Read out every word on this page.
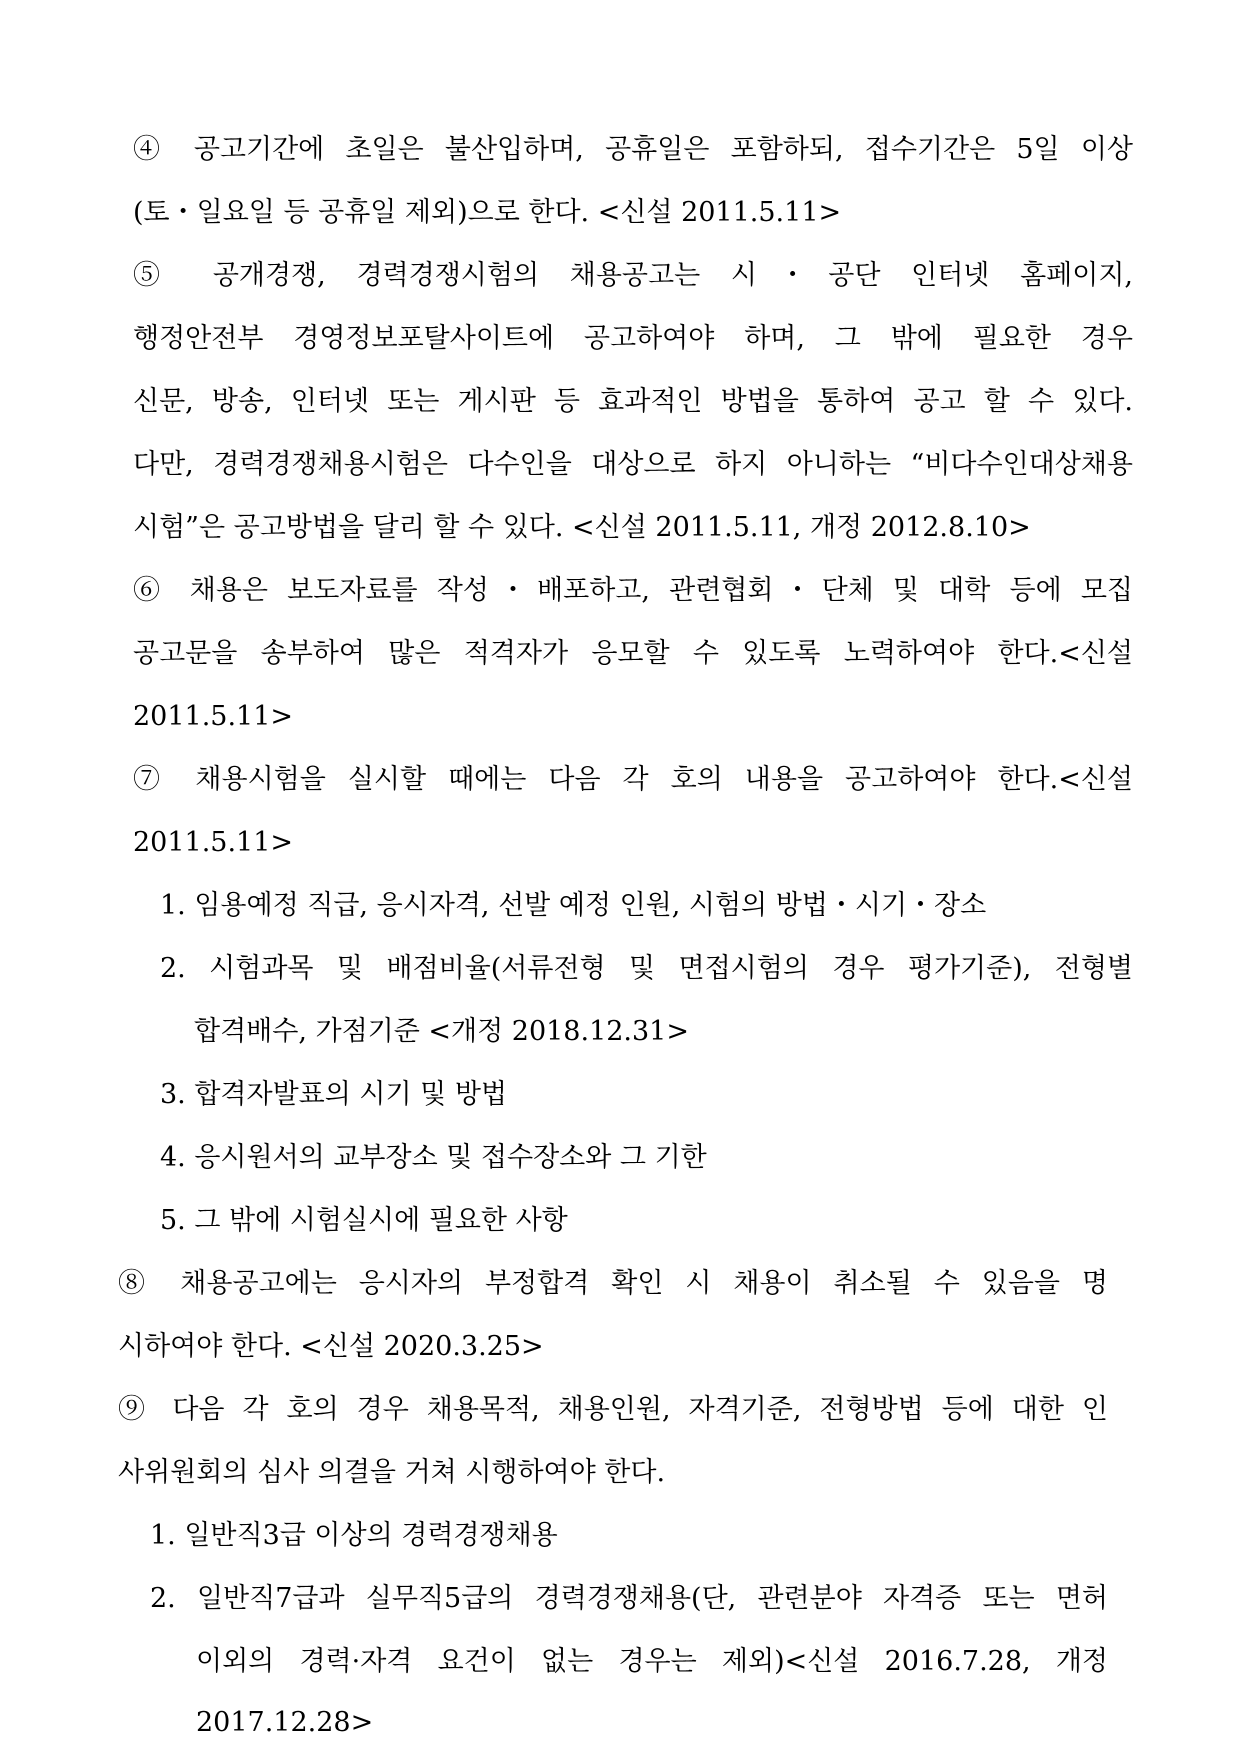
④ 공고기간에 초일은 불산입하며, 공휴일은 포함하되, 접수기간은 5일 이상
(토・일요일 등 공휴일 제외)으로 한다. <신설 2011.5.11>
⑤ 공개경쟁, 경력경쟁시험의 채용공고는 시・공단 인터넷 홈페이지,
행정안전부 경영정보포탈사이트에 공고하여야 하며, 그 밖에 필요한 경우
신문, 방송, 인터넷 또는 게시판 등 효과적인 방법을 통하여 공고 할 수 있다.
다만, 경력경쟁채용시험은 다수인을 대상으로 하지 아니하는 “비다수인대상채용
시험”은 공고방법을 달리 할 수 있다. <신설 2011.5.11, 개정 2012.8.10>
⑥ 채용은 보도자료를 작성・배포하고, 관련협회・단체 및 대학 등에 모집
공고문을 송부하여 많은 적격자가 응모할 수 있도록 노력하여야 한다.<신설
2011.5.11>
⑦ 채용시험을 실시할 때에는 다음 각 호의 내용을 공고하여야 한다.<신설
2011.5.11>
1. 임용예정 직급, 응시자격, 선발 예정 인원, 시험의 방법・시기・장소
2. 시험과목 및 배점비율(서류전형 및 면접시험의 경우 평가기준), 전형별
합격배수, 가점기준 <개정 2018.12.31>
3. 합격자발표의 시기 및 방법
4. 응시원서의 교부장소 및 접수장소와 그 기한
5. 그 밖에 시험실시에 필요한 사항
⑧ 채용공고에는 응시자의 부정합격 확인 시 채용이 취소될 수 있음을 명
시하여야 한다. <신설 2020.3.25>
⑨ 다음 각 호의 경우 채용목적, 채용인원, 자격기준, 전형방법 등에 대한 인
사위원회의 심사 의결을 거쳐 시행하여야 한다.
1. 일반직3급 이상의 경력경쟁채용
2. 일반직7급과 실무직5급의 경력경쟁채용(단, 관련분야 자격증 또는 면허
이외의 경력·자격 요건이 없는 경우는 제외)<신설 2016.7.28, 개정
2017.12.28>
